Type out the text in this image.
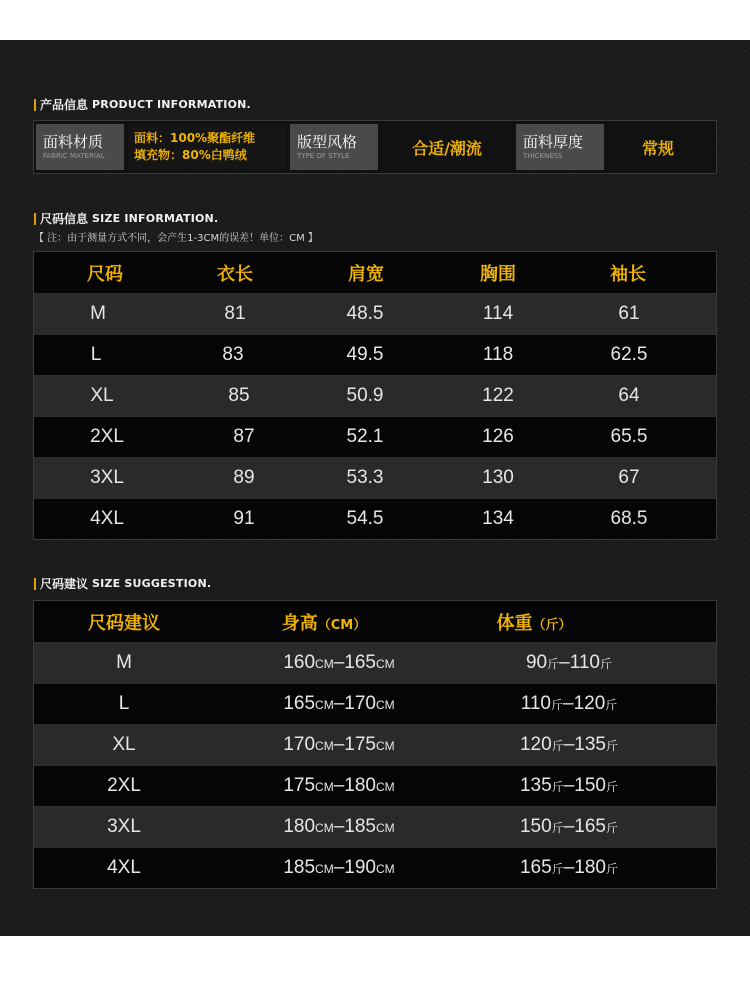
产品信息 PRODUCT INFORMATION.
面料材质
FABRIC MATERIAL
面料：100%聚酯纤维
填充物：80%白鸭绒
版型风格
TYPE OF STYLE	合适/潮流	面料厚度
THICKNESS	常规
尺码信息 SIZE INFORMATION.
【 注：由于测量方式不同，会产生1-3CM的误差！单位：CM 】
尺码	衣长	肩宽	胸围	袖长
M	81	48.5	114	61
L	83	49.5	118	62.5
XL	85	50.9	122	64
2XL	87	52.1	126	65.5
3XL	89	53.3	130	67
4XL	91	54.5	134	68.5
尺码建议 SIZE SUGGESTION.
尺码建议	身高（CM）	体重（斤）
M	160CM–165CM	90斤–110斤
L	165CM–170CM	110斤–120斤
XL	170CM–175CM	120斤–135斤
2XL	175CM–180CM	135斤–150斤
3XL	180CM–185CM	150斤–165斤
4XL	185CM–190CM	165斤–180斤
